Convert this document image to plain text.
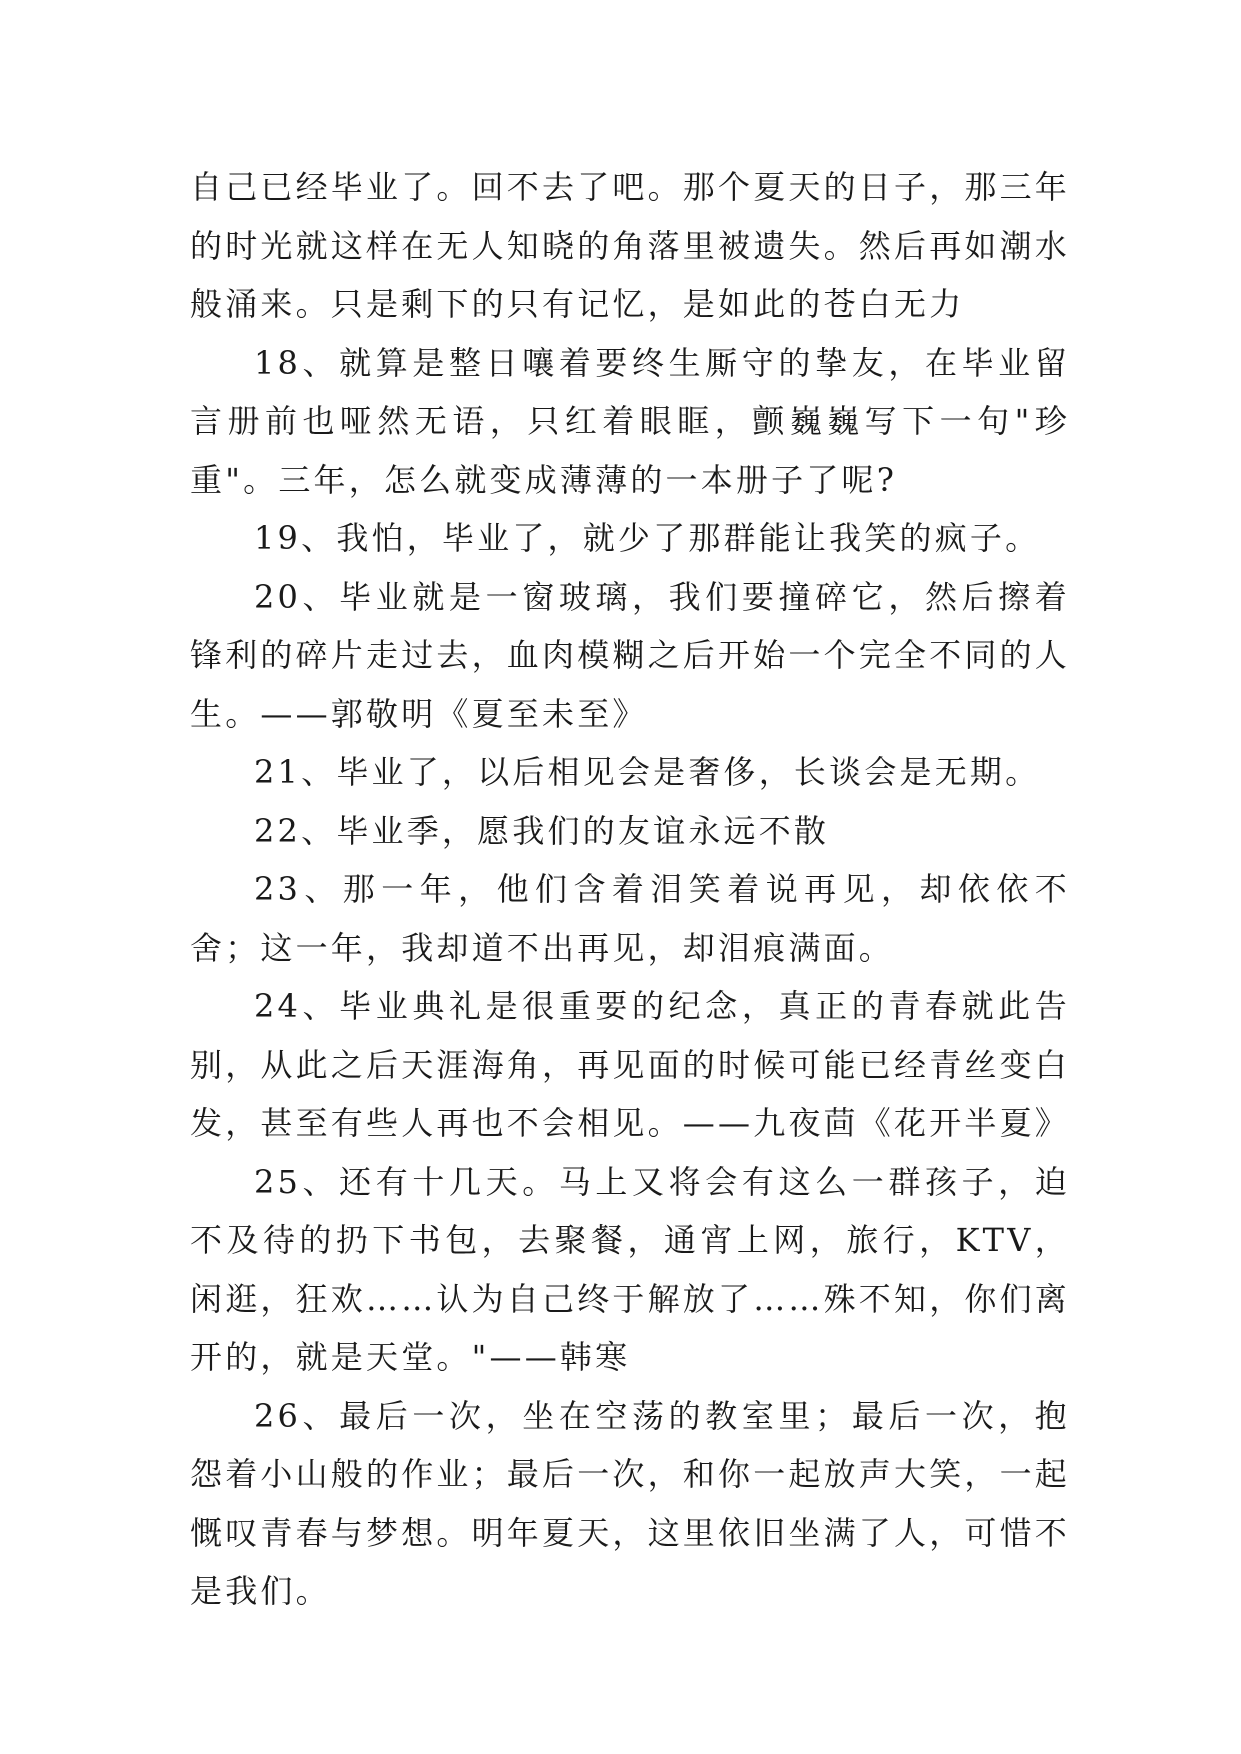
自己已经毕业了。回不去了吧。那个夏天的日子，那三年的时光就这样在无人知晓的角落里被遗失。然后再如潮水般涌来。只是剩下的只有记忆，是如此的苍白无力

18、就算是整日嚷着要终生厮守的挚友，在毕业留言册前也哑然无语，只红着眼眶，颤巍巍写下一句"珍重"。三年，怎么就变成薄薄的一本册子了呢?

19、我怕，毕业了，就少了那群能让我笑的疯子。

20、毕业就是一窗玻璃，我们要撞碎它，然后擦着锋利的碎片走过去，血肉模糊之后开始一个完全不同的人生。——郭敬明《夏至未至》

21、毕业了，以后相见会是奢侈，长谈会是无期。

22、毕业季，愿我们的友谊永远不散

23、那一年，他们含着泪笑着说再见，却依依不舍；这一年，我却道不出再见，却泪痕满面。

24、毕业典礼是很重要的纪念，真正的青春就此告别，从此之后天涯海角，再见面的时候可能已经青丝变白发，甚至有些人再也不会相见。——九夜茴《花开半夏》

25、还有十几天。马上又将会有这么一群孩子，迫不及待的扔下书包，去聚餐，通宵上网，旅行，KTV，闲逛，狂欢……认为自己终于解放了……殊不知，你们离开的，就是天堂。"——韩寒

26、最后一次，坐在空荡的教室里；最后一次，抱怨着小山般的作业；最后一次，和你一起放声大笑，一起慨叹青春与梦想。明年夏天，这里依旧坐满了人，可惜不是我们。
